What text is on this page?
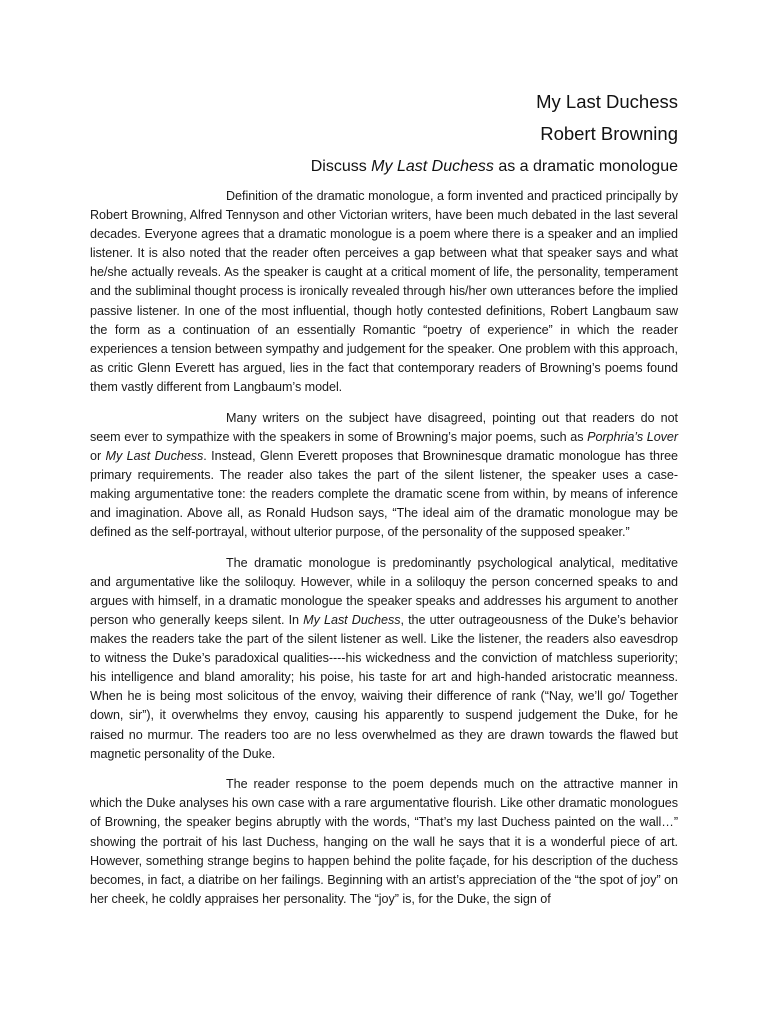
My Last Duchess
Robert Browning
Discuss My Last Duchess as a dramatic monologue

Definition of the dramatic monologue, a form invented and practiced principally by Robert Browning, Alfred Tennyson and other Victorian writers, have been much debated in the last several decades. Everyone agrees that a dramatic monologue is a poem where there is a speaker and an implied listener. It is also noted that the reader often perceives a gap between what that speaker says and what he/she actually reveals. As the speaker is caught at a critical moment of life, the personality, temperament and the subliminal thought process is ironically revealed through his/her own utterances before the implied passive listener. In one of the most influential, though hotly contested definitions, Robert Langbaum saw the form as a continuation of an essentially Romantic “poetry of experience” in which the reader experiences a tension between sympathy and judgement for the speaker. One problem with this approach, as critic Glenn Everett has argued, lies in the fact that contemporary readers of Browning’s poems found them vastly different from Langbaum’s model.

Many writers on the subject have disagreed, pointing out that readers do not seem ever to sympathize with the speakers in some of Browning’s major poems, such as Porphria’s Lover or My Last Duchess. Instead, Glenn Everett proposes that Browninesque dramatic monologue has three primary requirements. The reader also takes the part of the silent listener, the speaker uses a case-making argumentative tone: the readers complete the dramatic scene from within, by means of inference and imagination. Above all, as Ronald Hudson says, “The ideal aim of the dramatic monologue may be defined as the self-portrayal, without ulterior purpose, of the personality of the supposed speaker.”

The dramatic monologue is predominantly psychological analytical, meditative and argumentative like the soliloquy. However, while in a soliloquy the person concerned speaks to and argues with himself, in a dramatic monologue the speaker speaks and addresses his argument to another person who generally keeps silent. In My Last Duchess, the utter outrageousness of the Duke’s behavior makes the readers take the part of the silent listener as well. Like the listener, the readers also eavesdrop to witness the Duke’s paradoxical qualities----his wickedness and the conviction of matchless superiority; his intelligence and bland amorality; his poise, his taste for art and high-handed aristocratic meanness. When he is being most solicitous of the envoy, waiving their difference of rank (“Nay, we’ll go/ Together down, sir”), it overwhelms they envoy, causing his apparently to suspend judgement the Duke, for he raised no murmur. The readers too are no less overwhelmed as they are drawn towards the flawed but magnetic personality of the Duke.

The reader response to the poem depends much on the attractive manner in which the Duke analyses his own case with a rare argumentative flourish. Like other dramatic monologues of Browning, the speaker begins abruptly with the words, “That’s my last Duchess painted on the wall…” showing the portrait of his last Duchess, hanging on the wall he says that it is a wonderful piece of art. However, something strange begins to happen behind the polite façade, for his description of the duchess becomes, in fact, a diatribe on her failings. Beginning with an artist’s appreciation of the “the spot of joy” on her cheek, he coldly appraises her personality. The “joy” is, for the Duke, the sign of
